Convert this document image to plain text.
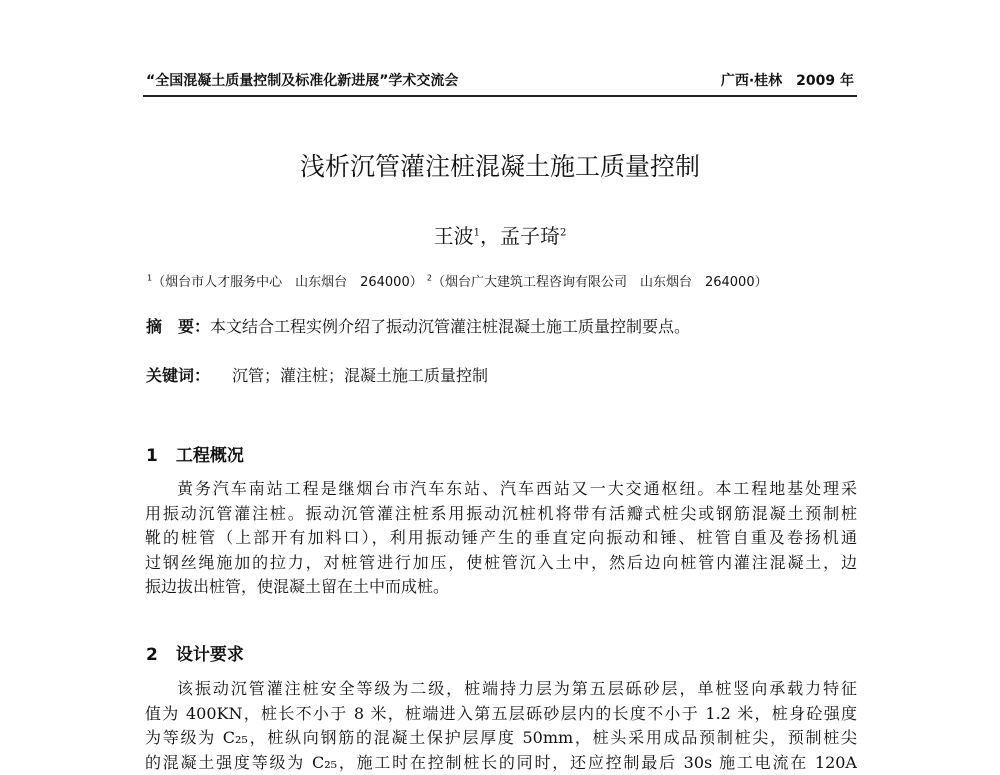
“全国混凝土质量控制及标准化新进展”学术交流会	广西·桂林　2009 年
浅析沉管灌注桩混凝土施工质量控制
王波$^1$，孟子琦$^2$
$^1$（烟台市人才服务中心　山东烟台　264000） $^2$（烟台广大建筑工程咨询有限公司　山东烟台　264000）
摘　要：本文结合工程实例介绍了振动沉管灌注桩混凝土施工质量控制要点。
关键词： 沉管；灌注桩；混凝土施工质量控制
1 工程概况
黄务汽车南站工程是继烟台市汽车东站、汽车西站又一大交通枢纽。本工程地基处理采
用振动沉管灌注桩。振动沉管灌注桩系用振动沉桩机将带有活瓣式桩尖或钢筋混凝土预制桩
靴的桩管（上部开有加料口），利用振动锤产生的垂直定向振动和锤、桩管自重及卷扬机通
过钢丝绳施加的拉力，对桩管进行加压，使桩管沉入土中，然后边向桩管内灌注混凝土，边
振边拔出桩管，使混凝土留在土中而成桩。
2 设计要求
该振动沉管灌注桩安全等级为二级，桩端持力层为第五层砾砂层，单桩竖向承载力特征
值为 400KN，桩长不小于 8 米，桩端进入第五层砾砂层内的长度不小于 1.2 米，桩身砼强度
为等级为 C₂₅，桩纵向钢筋的混凝土保护层厚度 50mm，桩头采用成品预制桩尖，预制桩尖
的混凝土强度等级为 C₂₅，施工时在控制桩长的同时，还应控制最后 30s 施工电流在 120A
